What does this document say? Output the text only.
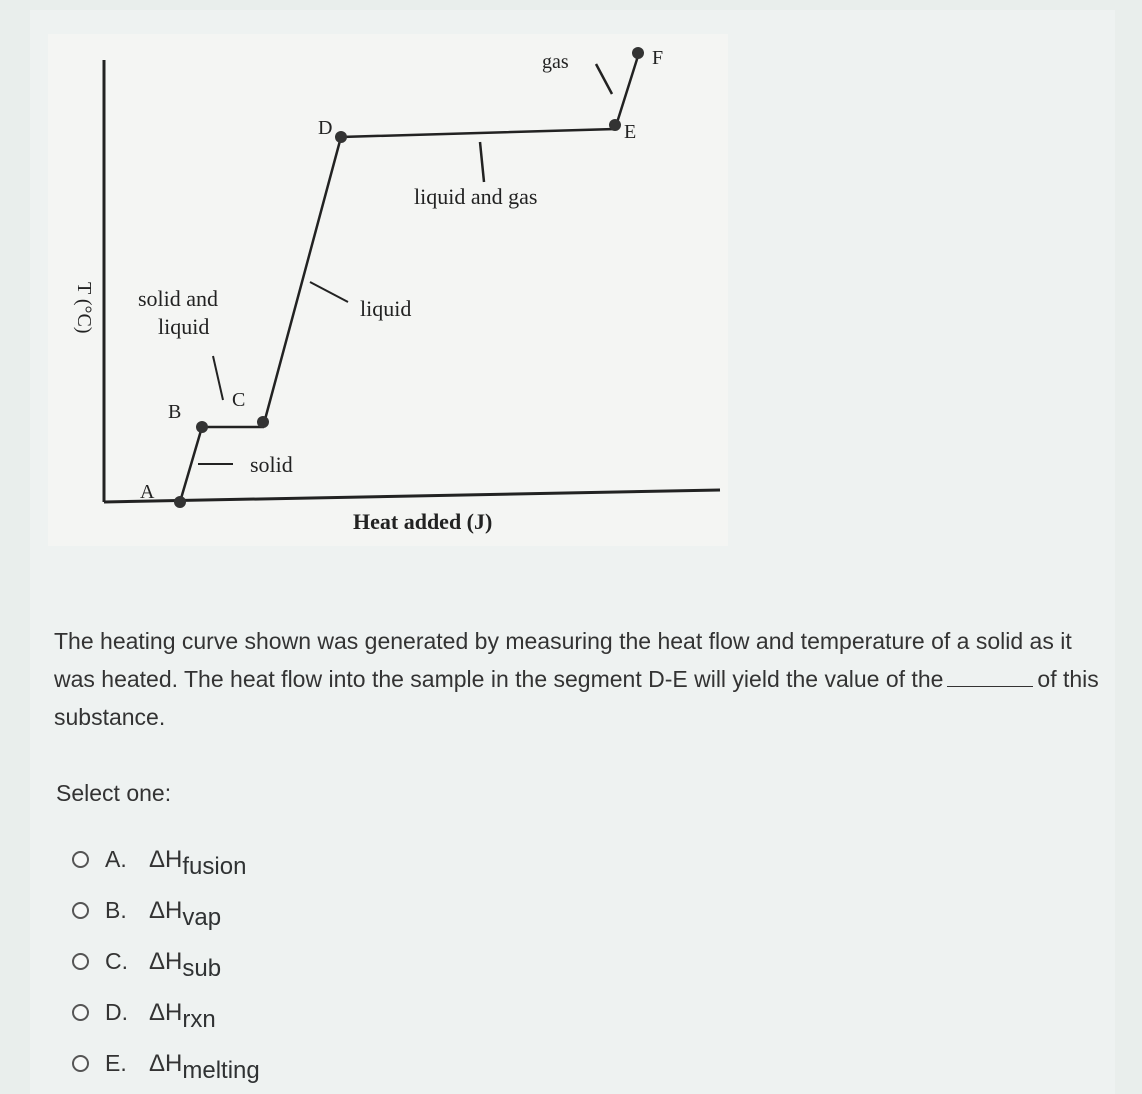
A
B
C
D	E
F
solid
solid and
liquid
liquid
liquid and gas
gas
Heat added (J)
T (°C)
The heating curve shown was generated by measuring the heat flow and temperature of a solid as it was heated. The heat flow into the sample in the segment D-E will yield the value of the	of this substance.
Select one:
A. ΔH fusion
B. ΔH vap
C. ΔH sub
D. ΔH rxn
E. ΔH melting
